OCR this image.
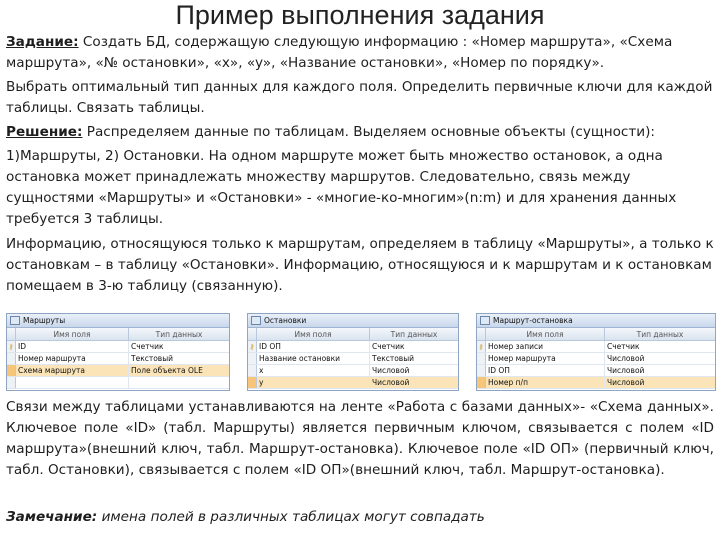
Пример выполнения задания

Задание: Создать БД, содержащую следующую информацию : «Номер маршрута», «Схема маршрута», «№ остановки», «x», «y», «Название остановки», «Номер по порядку».

Выбрать оптимальный тип данных для каждого поля. Определить первичные ключи для каждой таблицы. Связать таблицы.

Решение: Распределяем данные по таблицам. Выделяем основные объекты (сущности):

1)Маршруты, 2) Остановки. На одном маршруте может быть множество остановок, а одна остановка может принадлежать множеству маршрутов. Следовательно, связь между сущностями «Маршруты» и «Остановки» - «многие-ко-многим»(n:m) и для хранения данных требуется 3 таблицы.

Информацию, относящуюся только к маршрутам, определяем в таблицу «Маршруты», а только к остановкам – в таблицу «Остановки». Информацию, относящуюся и к маршрутам и к остановкам помещаем в 3-ю таблицу (связанную).

Маршруты
Имя поля	Тип данных
⚷ ID	Счетчик
Номер маршрута	Текстовый
Схема маршрута	Поле объекта OLE
Остановки
Имя поля	Тип данных
⚷ ID ОП	Счетчик
Название остановки	Текстовый
x	Числовой
y	Числовой
Маршрут-остановка
Имя поля	Тип данных
⚷ Номер записи	Счетчик
Номер маршрута	Числовой
ID ОП	Числовой
Номер п/п	Числовой

Связи между таблицами устанавливаются на ленте «Работа с базами данных»- «Схема данных». Ключевое поле «ID» (табл. Маршруты) является первичным ключом, связывается с полем «ID маршрута»(внешний ключ, табл. Маршрут-остановка). Ключевое поле «ID ОП» (первичный ключ, табл. Остановки), связывается с полем «ID ОП»(внешний ключ, табл. Маршрут-остановка).

Замечание: имена полей в различных таблицах могут совпадать
